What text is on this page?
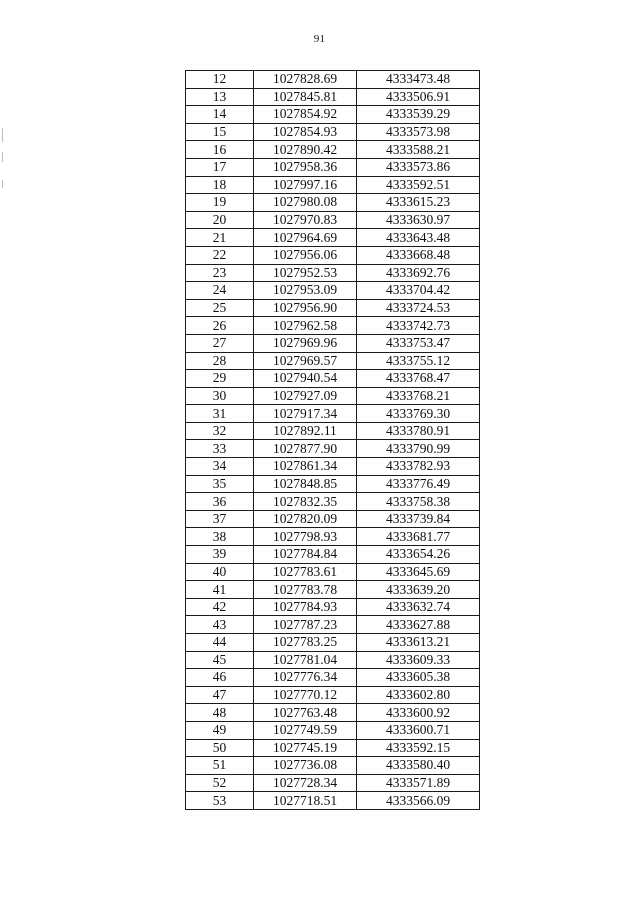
91
12	1027828.69	4333473.48
13	1027845.81	4333506.91
14	1027854.92	4333539.29
15	1027854.93	4333573.98
16	1027890.42	4333588.21
17	1027958.36	4333573.86
18	1027997.16	4333592.51
19	1027980.08	4333615.23
20	1027970.83	4333630.97
21	1027964.69	4333643.48
22	1027956.06	4333668.48
23	1027952.53	4333692.76
24	1027953.09	4333704.42
25	1027956.90	4333724.53
26	1027962.58	4333742.73
27	1027969.96	4333753.47
28	1027969.57	4333755.12
29	1027940.54	4333768.47
30	1027927.09	4333768.21
31	1027917.34	4333769.30
32	1027892.11	4333780.91
33	1027877.90	4333790.99
34	1027861.34	4333782.93
35	1027848.85	4333776.49
36	1027832.35	4333758.38
37	1027820.09	4333739.84
38	1027798.93	4333681.77
39	1027784.84	4333654.26
40	1027783.61	4333645.69
41	1027783.78	4333639.20
42	1027784.93	4333632.74
43	1027787.23	4333627.88
44	1027783.25	4333613.21
45	1027781.04	4333609.33
46	1027776.34	4333605.38
47	1027770.12	4333602.80
48	1027763.48	4333600.92
49	1027749.59	4333600.71
50	1027745.19	4333592.15
51	1027736.08	4333580.40
52	1027728.34	4333571.89
53	1027718.51	4333566.09
